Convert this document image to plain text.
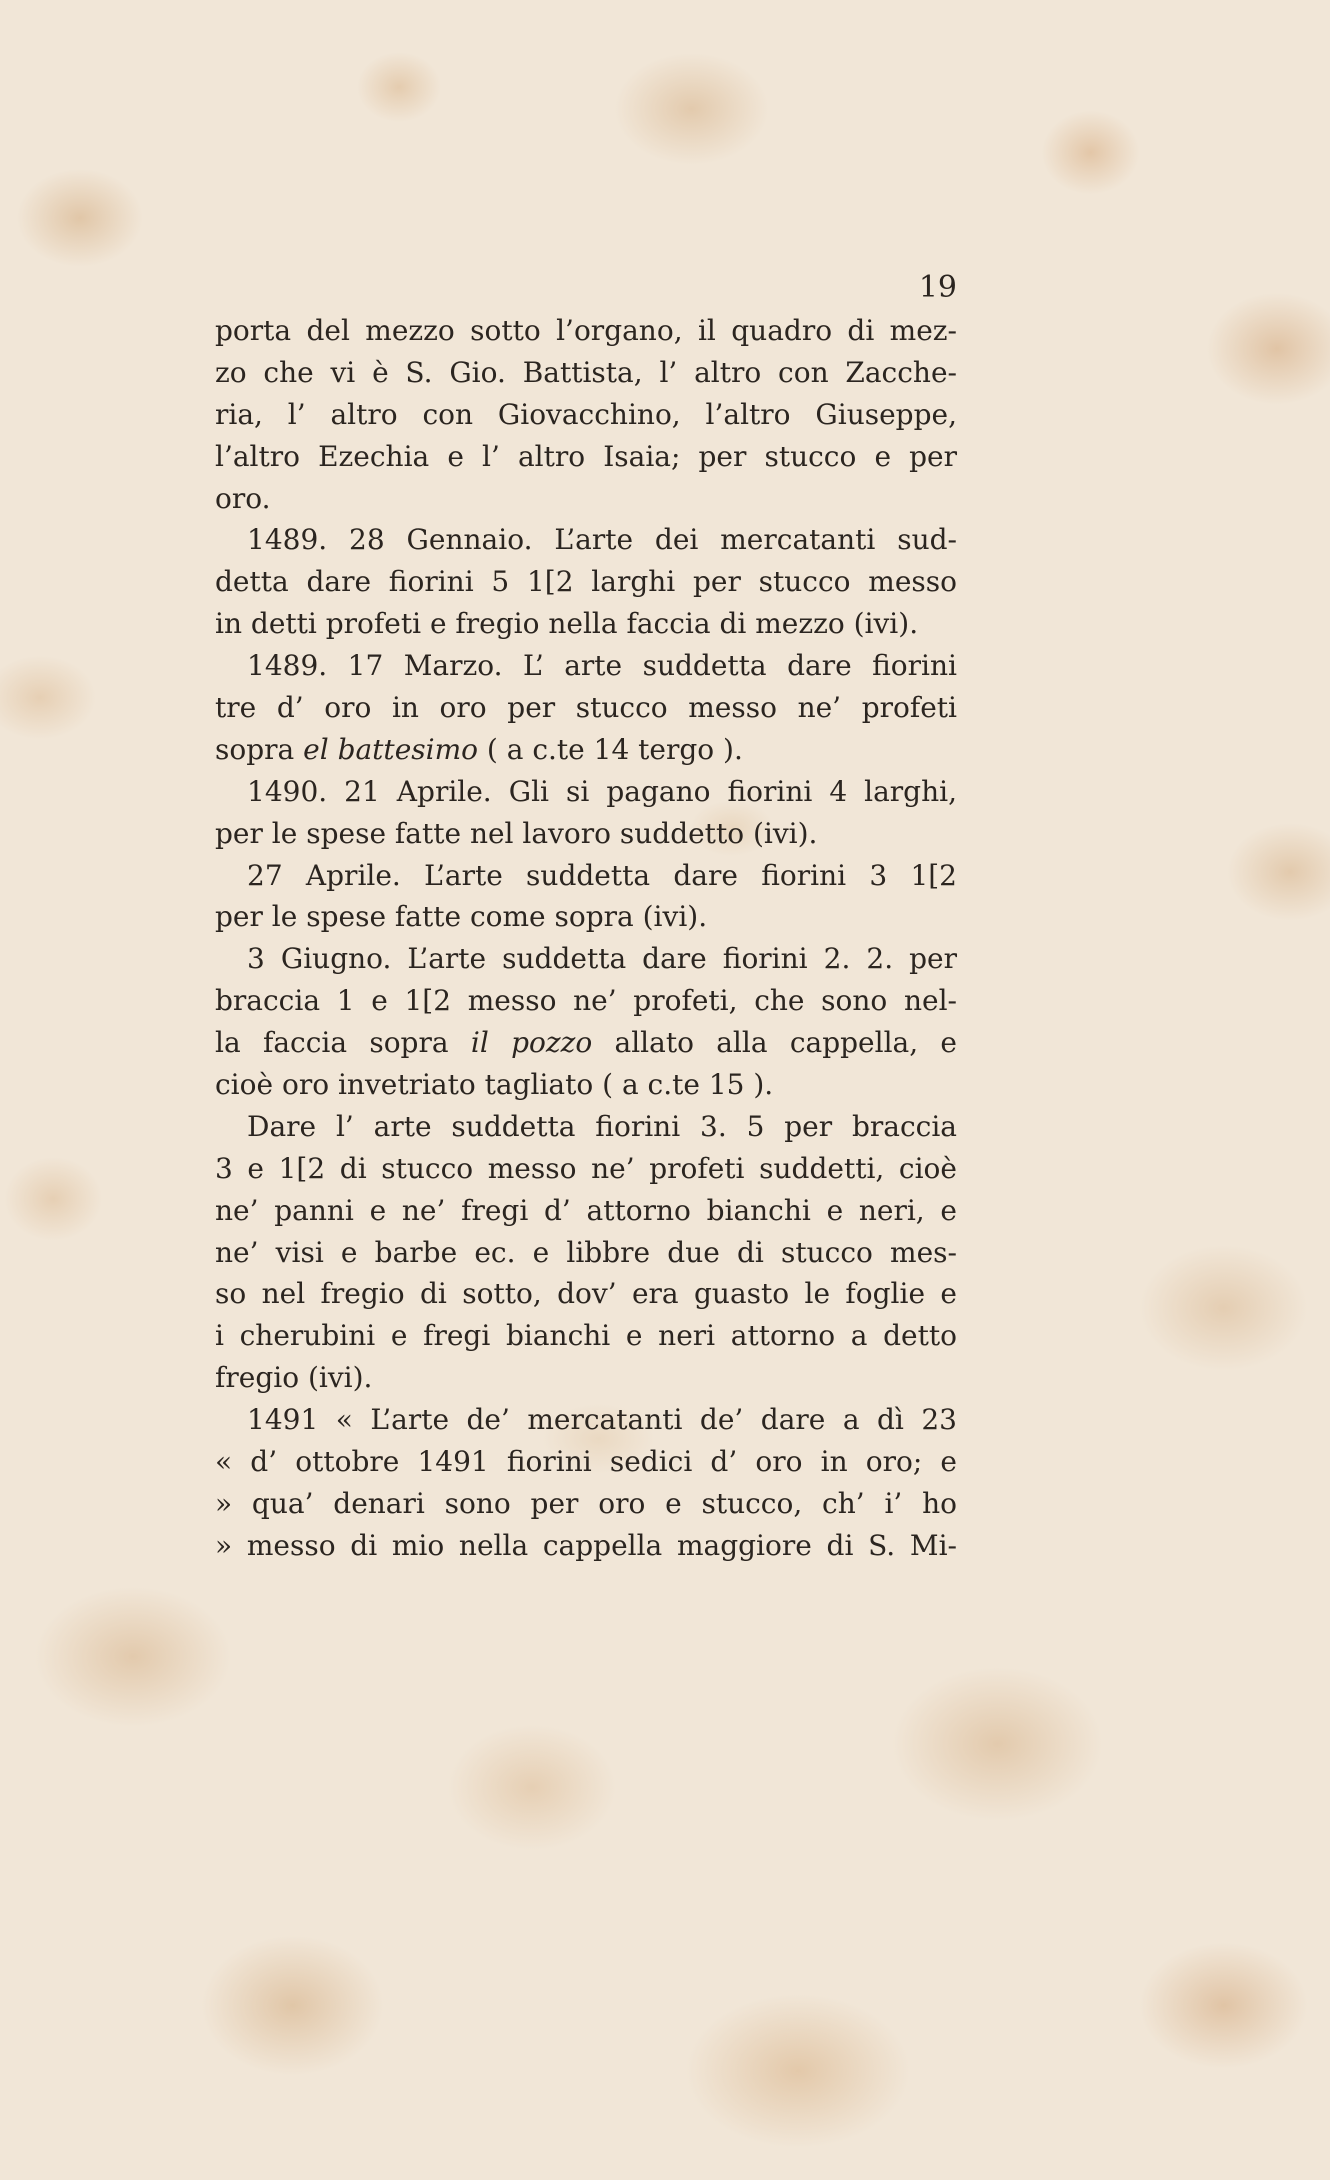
19
porta del mezzo sotto l’organo, il quadro di mez-
zo che vi è S. Gio. Battista, l’ altro con Zacche-
ria, l’ altro con Giovacchino, l’altro Giuseppe,
l’altro Ezechia e l’ altro Isaia; per stucco e per
oro.
1489. 28 Gennaio. L’arte dei mercatanti sud-
detta dare fiorini 5 1[2 larghi per stucco messo
in detti profeti e fregio nella faccia di mezzo (ivi).
1489. 17 Marzo. L’ arte suddetta dare fiorini
tre d’ oro in oro per stucco messo ne’ profeti
sopra el battesimo ( a c.te 14 tergo ).
1490. 21 Aprile. Gli si pagano fiorini 4 larghi,
per le spese fatte nel lavoro suddetto (ivi).
27 Aprile. L’arte suddetta dare fiorini 3 1[2
per le spese fatte come sopra (ivi).
3 Giugno. L’arte suddetta dare fiorini 2. 2. per
braccia 1 e 1[2 messo ne’ profeti, che sono nel-
la faccia sopra il pozzo allato alla cappella, e
cioè oro invetriato tagliato ( a c.te 15 ).
Dare l’ arte suddetta fiorini 3. 5 per braccia
3 e 1[2 di stucco messo ne’ profeti suddetti, cioè
ne’ panni e ne’ fregi d’ attorno bianchi e neri, e
ne’ visi e barbe ec. e libbre due di stucco mes-
so nel fregio di sotto, dov’ era guasto le foglie e
i cherubini e fregi bianchi e neri attorno a detto
fregio (ivi).
1491 « L’arte de’ mercatanti de’ dare a dì 23
« d’ ottobre 1491 fiorini sedici d’ oro in oro; e
» qua’ denari sono per oro e stucco, ch’ i’ ho
» messo di mio nella cappella maggiore di S. Mi-
